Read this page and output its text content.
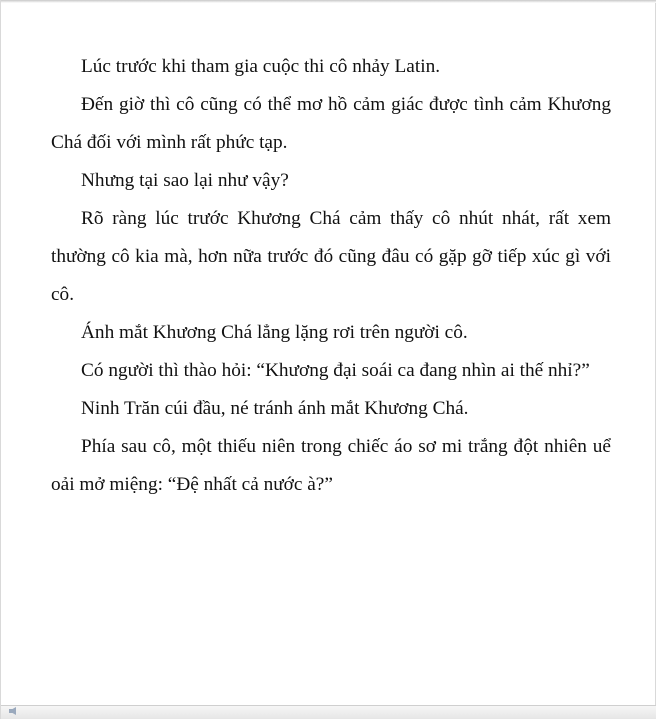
Lúc trước khi tham gia cuộc thi cô nhảy Latin.

Đến giờ thì cô cũng có thể mơ hồ cảm giác được tình cảm Khương Chá đối với mình rất phức tạp.

Nhưng tại sao lại như vậy?

Rõ ràng lúc trước Khương Chá cảm thấy cô nhút nhát, rất xem thường cô kia mà, hơn nữa trước đó cũng đâu có gặp gỡ tiếp xúc gì với cô.

Ánh mắt Khương Chá lẳng lặng rơi trên người cô.

Có người thì thào hỏi: “Khương đại soái ca đang nhìn ai thế nhỉ?”

Ninh Trăn cúi đầu, né tránh ánh mắt Khương Chá.

Phía sau cô, một thiếu niên trong chiếc áo sơ mi trắng đột nhiên uể oải mở miệng: “Đệ nhất cả nước à?”
